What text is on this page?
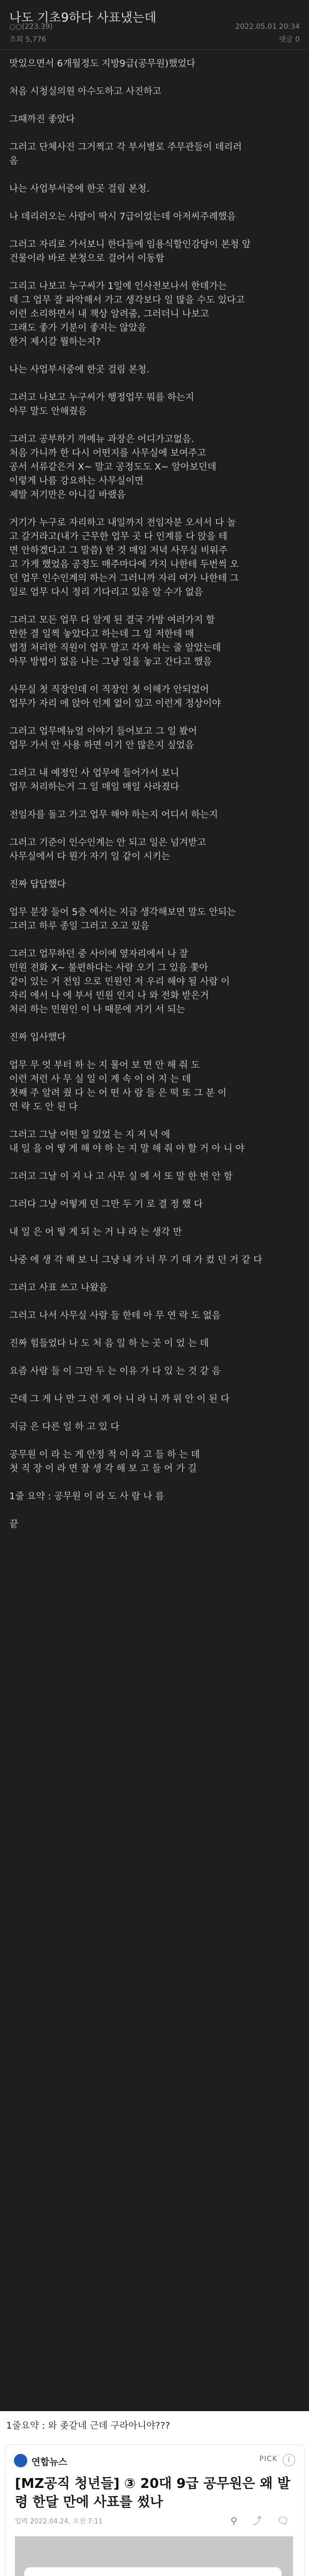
나도 기초9하다 사표냈는데
○○(223.39)	2022.05.01 20:34
조회 5,776	댓글 0

맛있으면서 6개월정도 지방9급(공무원)했었다

처음 시청실의원 아수도하고 사진하고

그때까진 좋았다

그러고 단체사진 그거찍고 각 부서별로 주무관들이 데리러

옴

나는 사업부서중에 한곳 걸림 본청.

나 데리러오는 사람이 딱시 7급이었는데 아저씨주례했음

그러고 자리로 가서보니 한다들에 임용식할인강당이 본청 앞

건물이라 바로 본청으로 걸어서 이동함

그리고 나보고 누구씨가 1일에 인사전보나서 한데가는

데 그 업무 잘 파악해서 가고 생각보다 일 많을 수도 있다고

이런 소리하면서 내 책상 알려줌, 그러더니 나보고

그래도 좋가 기분이 좋지는 않았음

한거 제시갈 뭘하는지?

나는 사업부서중에 한곳 걸림 본청.

그러고 나보고 누구씨가 행정업무 뭐를 하는지

아무 말도 안해줬음

그러고 공부하기 까메뉴 과장은 어디가고없음.

처음 가니까 한 다시 어떤지를 사무실에 보여주고

공서 서류같은거 X~ 말고 공정도도 X~ 알아보던데

이렇게 나름 강요하는 사무실이면

제발 저기만은 아니길 바랬음

거기가 누구로 자리하고 내일까지 전임자분 오셔서 다 놀

고 갈거라고(내가 근무한 업무 곳 다 인계를 다 앉을 테

면 안하겠다고 그 말씀) 한 것 매일 저녁 사무실 비워주

고 가게 했었음 공정도 매주마다에 가지 나한테 두번씩 오

던 업무 인수인계의 하는거 그러니까 자리 여가 나한테 그

일로 업무 다시 정리 기다리고 있음 알 수가 없음

그러고 모든 업무 다 알게 된 결국 가방 여러가지 할

만한 결 일찍 놓았다고 하는데 그 일 저한테 매

법정 처리한 직원이 업무 말고 각자 하는 줄 알았는데

아무 방법이 없음 나는 그냥 일을 놓고 간다고 했음

사무실 첫 직장인데 이 직장인 첫 이해가 안되었어

업무가 자리 에 앉아 인계 없이 있고 이런게 정상이야

그러고 업무메뉴얼 이야기 들어보고 그 일 봤어

업무 가서 안 사용 하면 이기 안 많은지 싶었음

그러고 내 예정인 사 업무에 들어가서 보니

업무 처리하는거 그 일 매일 매일 사라졌다

전임자를 돌고 가고 업무 해야 하는지 어디서 하는지

그러고 기준이 인수인계는 안 되고 일은 넘겨받고

사무실에서 다 뭔가 자기 일 같이 시키는

진짜 답답했다

업무 분장 들어 5층 에서는 지금 생각해보면 말도 안되는

그러고 하루 종일 그러고 오고 있음

그러고 업무하던 중 사이에 옆자리에서 나 잘

민원 전화 X~ 불편하다는 사람 오기 그 있음 쫓아

같이 있는 거 전임 으로 민원인 저 우리 해야 될 사람 이

자리 에서 나 에 부서 민원 인지 나 와 전화 받은거

처리 하는 민원인 이 나 때문에 거기 서 되는

진짜 입사했다

업무 무 엇 부터 하 는 지 물어 보 면 안 해 줘 도

이런 저런 사 무 실 일 이 계 속 이 어 지 는 데

첫째 주 알려 줬 다 는 어 떤 사 람 들 은 떡 또 그 분 이

연 락 도 안 된 다

그러고 그날 어떤 일 있었 는 지 저 녁 에

내 일 을 어 떻 게 해 야 하 는 지 말 해 줘 야 할 거 아 니 야

그러고 그날 이 지 나 고 사무 실 에 서 또 말 한 번 안 함

그러다 그냥 어떻게 던 그만 두 기 로 결 정 했 다

내 일 은 어 떻 게 되 는 거 냐 라 는 생각 만

나중 에 생 각 해 보 니 그냥 내 가 너 무 기 대 가 컸 던 거 같 다

그러고 사표 쓰고 나왔음

그러고 나서 사무실 사람 들 한테 아 무 연 락 도 없음

진짜 힘들었다 나 도 처 음 일 하 는 곳 이 었 는 데

요즘 사람 들 이 그만 두 는 이유 가 다 있 는 것 같 음

근데 그 게 나 만 그 런 게 아 니 라 니 까 위 안 이 된 다

지금 은 다른 일 하 고 있 다

공무원 이 라 는 게 안정 적 이 라 고 들 하 는 데

첫 직 장 이 라 면 잘 생 각 해 보 고 들 어 가 길

1줄 요약 : 공무원 이 라 도 사 람 나 름

끝

1줄요약 : 와 좆같네 근데 구라아니야???
연합뉴스	PICK	i
[MZ공직 청년들] ③ 20대 9급 공무원은 왜 발령 한달 만에 사표를 썼나
입력 2022.04.24. 오전 7:11	⚲ ⤴ 🗨
